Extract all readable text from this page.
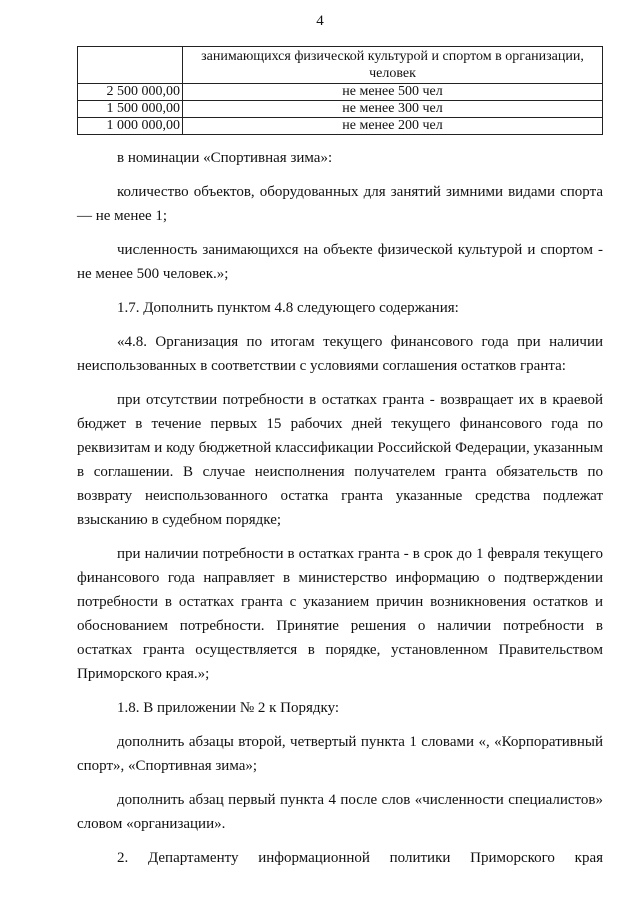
4
	занимающихся физической культурой и спортом в организации, человек
2 500 000,00	не менее 500 чел
1 500 000,00	не менее 300 чел
1 000 000,00	не менее 200 чел

в номинации «Спортивная зима»:

количество объектов, оборудованных для занятий зимними видами спорта — не менее 1;

численность занимающихся на объекте физической культурой и спортом - не менее 500 человек.»;

1.7. Дополнить пунктом 4.8 следующего содержания:

«4.8. Организация по итогам текущего финансового года при наличии неиспользованных в соответствии с условиями соглашения остатков гранта:

при отсутствии потребности в остатках гранта - возвращает их в краевой бюджет в течение первых 15 рабочих дней текущего финансового года по реквизитам и коду бюджетной классификации Российской Федерации, указанным в соглашении. В случае неисполнения получателем гранта обязательств по возврату неиспользованного остатка гранта указанные средства подлежат взысканию в судебном порядке;

при наличии потребности в остатках гранта - в срок до 1 февраля текущего финансового года направляет в министерство информацию о подтверждении потребности в остатках гранта с указанием причин возникновения остатков и обоснованием потребности. Принятие решения о наличии потребности в остатках гранта осуществляется в порядке, установленном Правительством Приморского края.»;

1.8. В приложении № 2 к Порядку:

дополнить абзацы второй, четвертый пункта 1 словами «, «Корпоративный спорт», «Спортивная зима»;

дополнить абзац первый пункта 4 после слов «численности специалистов» словом «организации».

2. Департаменту информационной политики Приморского края
